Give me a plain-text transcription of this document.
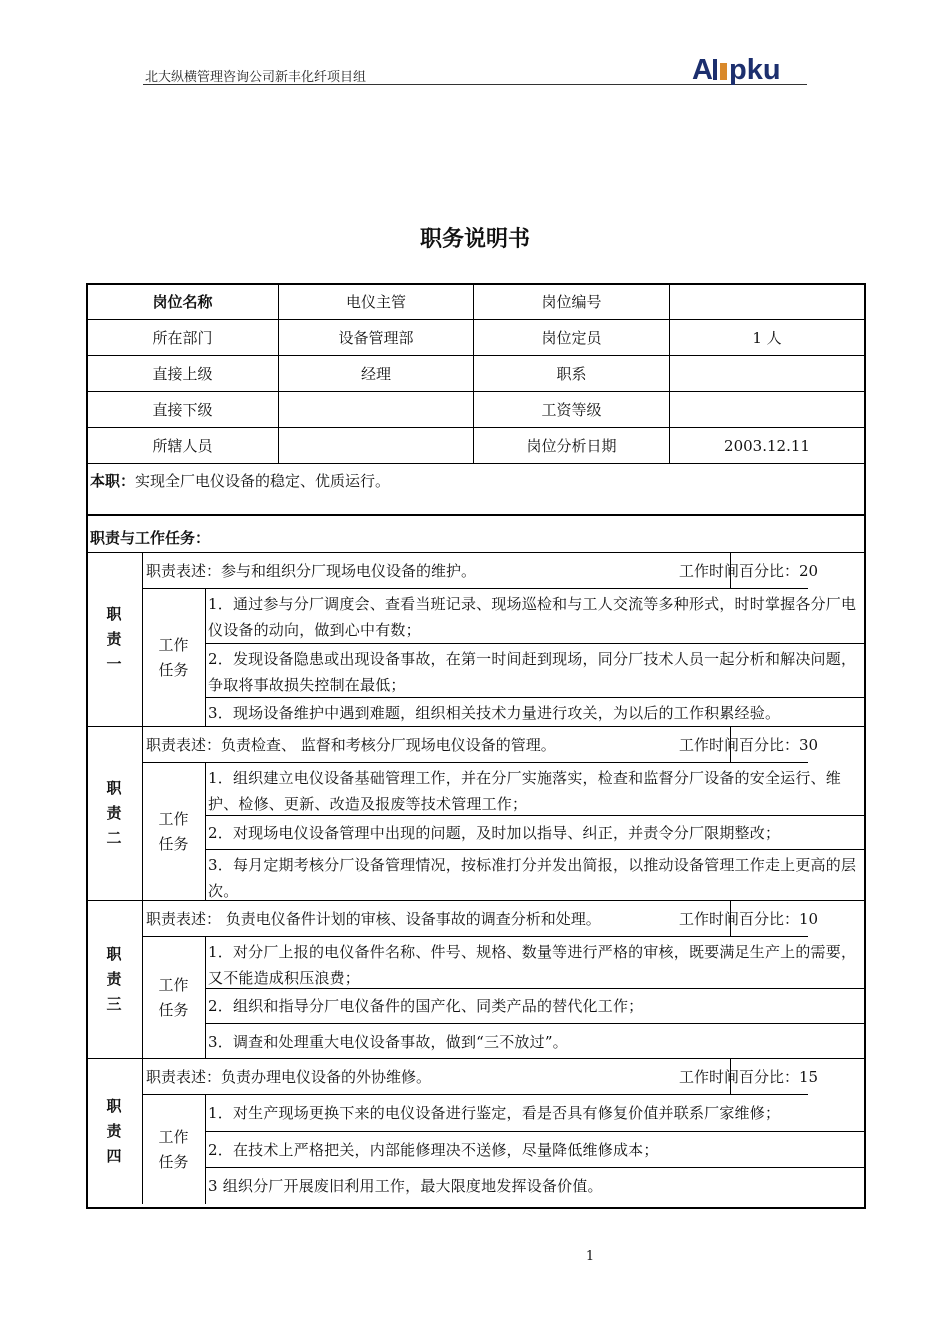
北大纵横管理咨询公司新丰化纤项目组	A pku
职务说明书
岗位名称	电仪主管	岗位编号	
所在部门	设备管理部	岗位定员	1 人
直接上级	经理	职系	
直接下级		工资等级	
所辖人员		岗位分析日期	2003.12.11
本职：实现全厂电仪设备的稳定、优质运行。
职责与工作任务：
职责一
职责表述：参与和组织分厂现场电仪设备的维护。	工作时间百分比：20
工作任务
1．通过参与分厂调度会、查看当班记录、现场巡检和与工人交流等多种形式，时时掌握各分厂电仪设备的动向，做到心中有数；
2．发现设备隐患或出现设备事故，在第一时间赶到现场，同分厂技术人员一起分析和解决问题，争取将事故损失控制在最低；
3．现场设备维护中遇到难题，组织相关技术力量进行攻关，为以后的工作积累经验。
职责二
职责表述：负责检查、 监督和考核分厂现场电仪设备的管理。	工作时间百分比：30
工作任务
1．组织建立电仪设备基础管理工作，并在分厂实施落实，检查和监督分厂设备的安全运行、维护、检修、更新、改造及报废等技术管理工作；
2．对现场电仪设备管理中出现的问题，及时加以指导、纠正，并责令分厂限期整改；
3．每月定期考核分厂设备管理情况，按标准打分并发出简报，以推动设备管理工作走上更高的层次。
职责三
职责表述： 负责电仪备件计划的审核、设备事故的调查分析和处理。	工作时间百分比：10
工作任务
1．对分厂上报的电仪备件名称、件号、规格、数量等进行严格的审核，既要满足生产上的需要，又不能造成积压浪费；
2．组织和指导分厂电仪备件的国产化、同类产品的替代化工作；
3．调查和处理重大电仪设备事故，做到“三不放过”。
职责四
职责表述：负责办理电仪设备的外协维修。	工作时间百分比：15
工作任务
1．对生产现场更换下来的电仪设备进行鉴定，看是否具有修复价值并联系厂家维修；
2．在技术上严格把关，内部能修理决不送修，尽量降低维修成本；
3 组织分厂开展废旧利用工作，最大限度地发挥设备价值。
1
